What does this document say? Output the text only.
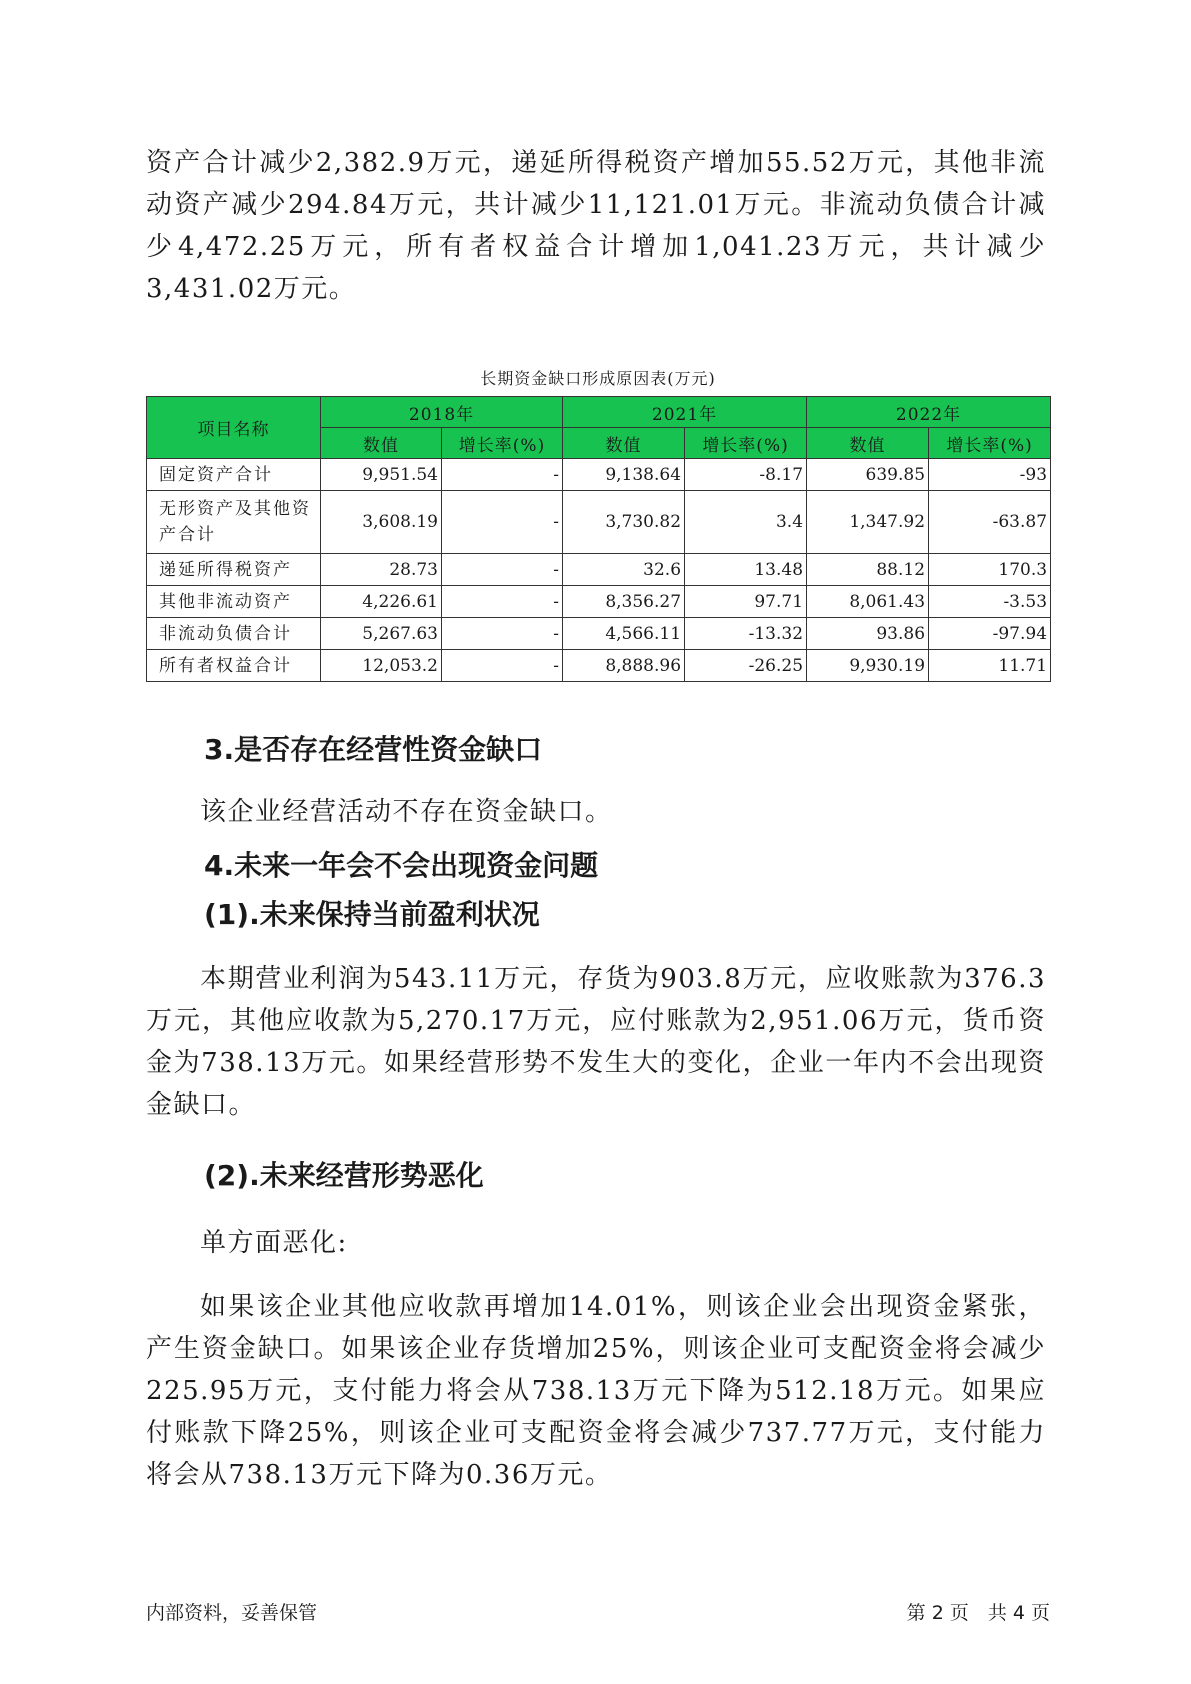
资产合计减少2,382.9万元，递延所得税资产增加55.52万元，其他非流动资产减少294.84万元，共计减少11,121.01万元。非流动负债合计减少4,472.25万元，所有者权益合计增加1,041.23万元，共计减少3,431.02万元。

长期资金缺口形成原因表(万元)
项目名称	2018年		2021年		2022年	
	数值	增长率(%)	数值	增长率(%)	数值	增长率(%)
固定资产合计	9,951.54	-	9,138.64	-8.17	639.85	-93
无形资产及其他资产合计	3,608.19	-	3,730.82	3.4	1,347.92	-63.87
递延所得税资产	28.73	-	32.6	13.48	88.12	170.3
其他非流动资产	4,226.61	-	8,356.27	97.71	8,061.43	-3.53
非流动负债合计	5,267.63	-	4,566.11	-13.32	93.86	-97.94
所有者权益合计	12,053.2	-	8,888.96	-26.25	9,930.19	11.71
3.是否存在经营性资金缺口

该企业经营活动不存在资金缺口。

4.未来一年会不会出现资金问题
(1).未来保持当前盈利状况

本期营业利润为543.11万元，存货为903.8万元，应收账款为376.3万元，其他应收款为5,270.17万元，应付账款为2,951.06万元，货币资金为738.13万元。如果经营形势不发生大的变化，企业一年内不会出现资金缺口。

(2).未来经营形势恶化

单方面恶化:

如果该企业其他应收款再增加14.01%，则该企业会出现资金紧张，产生资金缺口。如果该企业存货增加25%，则该企业可支配资金将会减少225.95万元，支付能力将会从738.13万元下降为512.18万元。如果应付账款下降25%，则该企业可支配资金将会减少737.77万元，支付能力将会从738.13万元下降为0.36万元。

内部资料，妥善保管	第 2 页　共 4 页
